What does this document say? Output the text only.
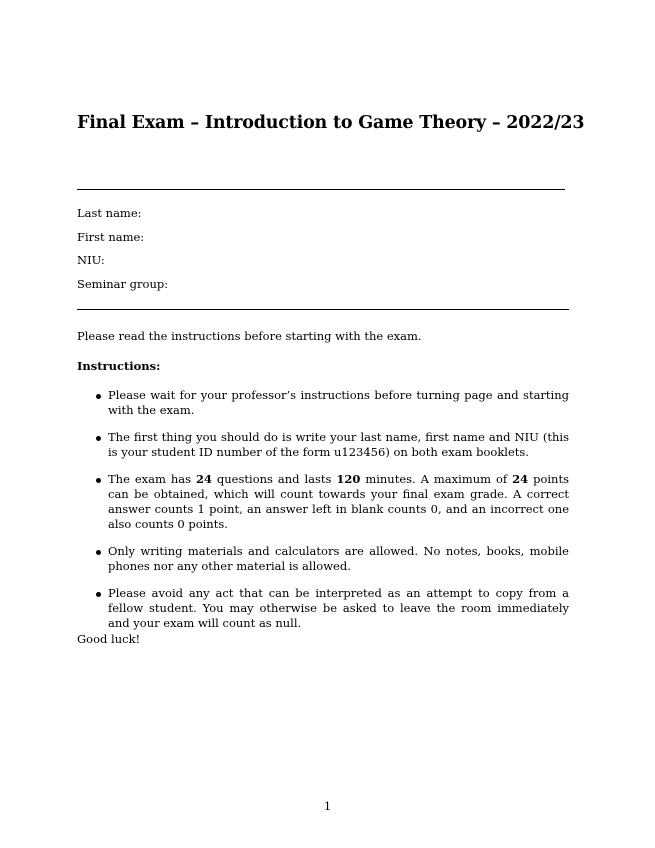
Final Exam – Introduction to Game Theory – 2022/23
Last name:
First name:
NIU:
Seminar group:

Please read the instructions before starting with the exam.

Instructions:

Please wait for your professor’s instructions before turning page and starting with the exam.
The first thing you should do is write your last name, first name and NIU (this is your student ID number of the form u123456) on both exam booklets.
The exam has 24 questions and lasts 120 minutes. A maximum of 24 points can be obtained, which will count towards your final exam grade. A correct answer counts 1 point, an answer left in blank counts 0, and an incorrect one also counts 0 points.
Only writing materials and calculators are allowed. No notes, books, mobile phones nor any other material is allowed.
Please avoid any act that can be interpreted as an attempt to copy from a fellow student. You may otherwise be asked to leave the room immediately and your exam will count as null.

Good luck!

1
